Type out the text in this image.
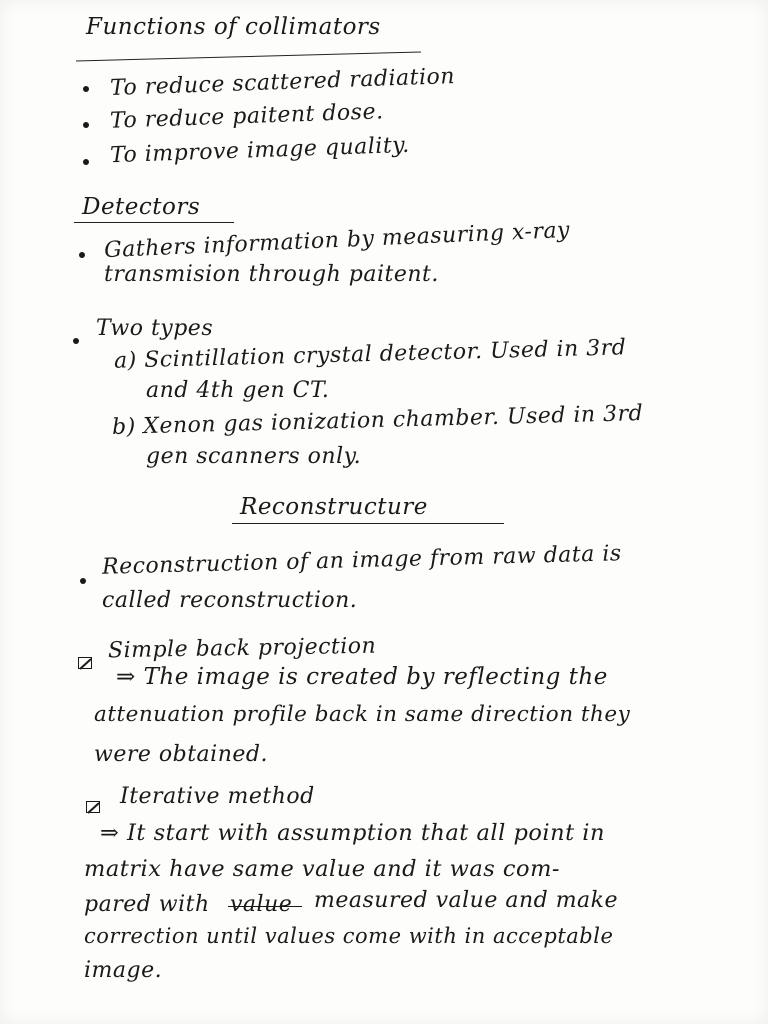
Functions of collimators
To reduce scattered radiation
To reduce paitent dose.
To improve image quality.
Detectors
Gathers information by measuring x-ray
transmision through paitent.
Two types
a) Scintillation crystal detector. Used in 3rd
and 4th gen CT.
b) Xenon gas ionization chamber. Used in 3rd
gen scanners only.
Reconstructure
Reconstruction of an image from raw data is
called reconstruction.
Simple back projection
⇒ The image is created by reflecting the
attenuation profile back in same direction they
were obtained.
Iterative method
⇒ It start with assumption that all point in
matrix have same value and it was com-
pared with value measured value and make
correction until values come with in acceptable
image.
